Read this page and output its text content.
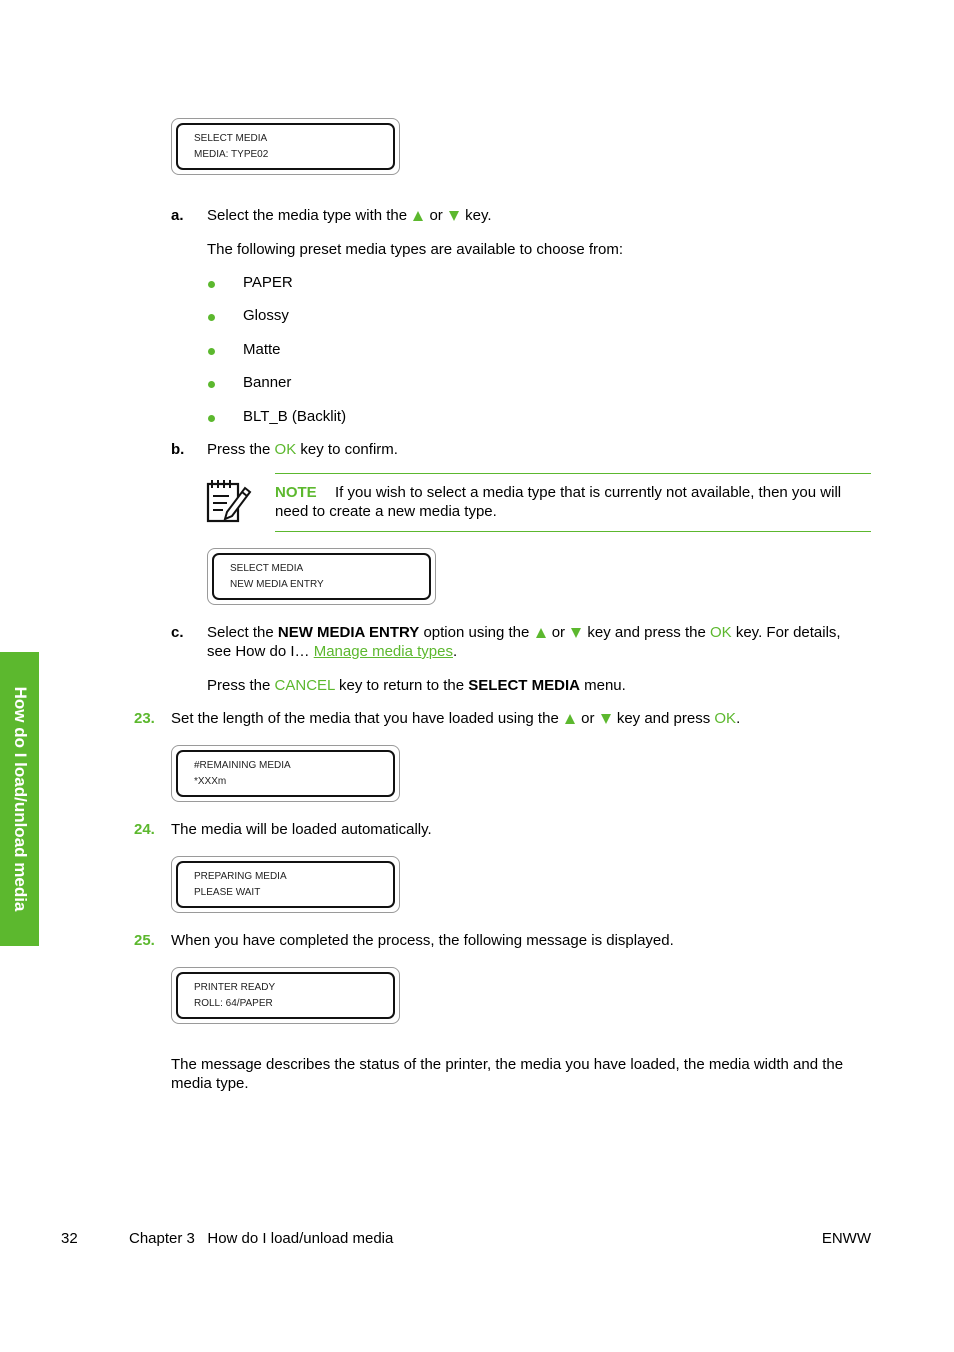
SELECT MEDIA
MEDIA: TYPE02
a. Select the media type with the or key.
The following preset media types are available to choose from:
PAPER
Glossy
Matte
Banner
BLT_B (Backlit)
b. Press the OK key to confirm.
NOTE If you wish to select a media type that is currently not available, then you will
need to create a new media type.
SELECT MEDIA
NEW MEDIA ENTRY
c. Select the NEW MEDIA ENTRY option using the or key and press the OK key. For details,
see How do I… Manage media types.
Press the CANCEL key to return to the SELECT MEDIA menu.
23. Set the length of the media that you have loaded using the or key and press OK.
#REMAINING MEDIA
*XXXm
24. The media will be loaded automatically.
PREPARING MEDIA
PLEASE WAIT
25. When you have completed the process, the following message is displayed.
PRINTER READY
ROLL: 64/PAPER
The message describes the status of the printer, the media you have loaded, the media width and the
media type.
How do I load/unload media
32	Chapter 3   How do I load/unload media	ENWW
